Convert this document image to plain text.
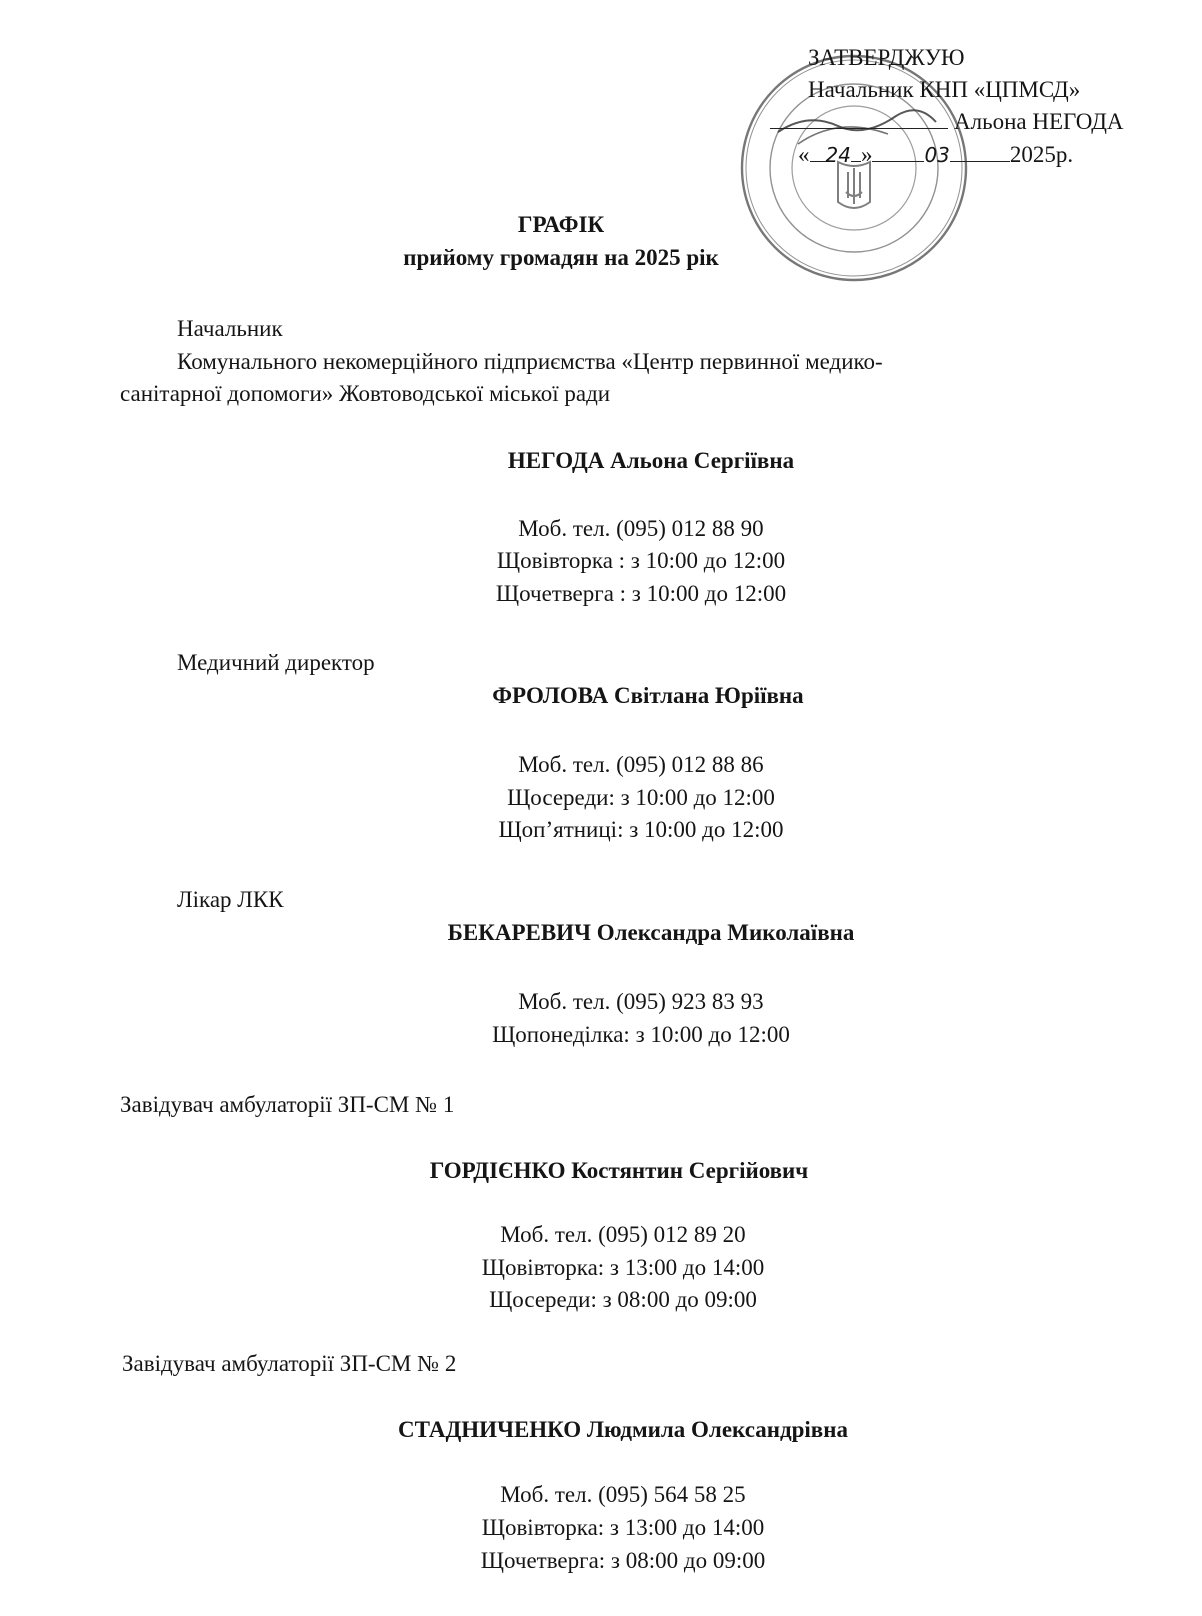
ЗАТВЕРДЖУЮ
Начальник КНП «ЦПМСД»
Альона НЕГОДА
« 24 »	03	2025р.
ГРАФІК
прийому громадян на 2025 рік
Начальник
Комунального некомерційного підприємства «Центр первинної медико-
санітарної допомоги» Жовтоводської міської ради
НЕГОДА Альона Сергіївна
Моб. тел. (095) 012 88 90
Щовівторка : з 10:00 до 12:00
Щочетверга : з 10:00 до 12:00
Медичний директор
ФРОЛОВА Світлана Юріївна
Моб. тел. (095) 012 88 86
Щосереди: з 10:00 до 12:00
Щоп’ятниці: з 10:00 до 12:00
Лікар ЛКК
БЕКАРЕВИЧ Олександра Миколаївна
Моб. тел. (095) 923 83 93
Щопонеділка: з 10:00 до 12:00
Завідувач амбулаторії ЗП-СМ № 1
ГОРДІЄНКО Костянтин Сергійович
Моб. тел. (095) 012 89 20
Щовівторка: з 13:00 до 14:00
Щосереди: з 08:00 до 09:00
Завідувач амбулаторії ЗП-СМ № 2
СТАДНИЧЕНКО Людмила Олександрівна
Моб. тел. (095) 564 58 25
Щовівторка: з 13:00 до 14:00
Щочетверга: з 08:00 до 09:00
